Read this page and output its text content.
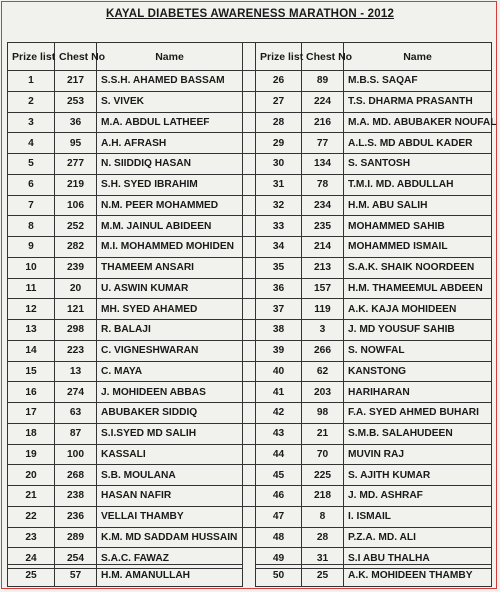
KAYAL DIABETES AWARENESS MARATHON - 2012
Prize list	Chest No	Name		Prize list	Chest No	Name
1	217	S.S.H. AHAMED BASSAM		26	89	M.B.S. SAQAF
2	253	S. VIVEK		27	224	T.S. DHARMA PRASANTH
3	36	M.A. ABDUL LATHEEF		28	216	M.A. MD. ABUBAKER NOUFAL
4	95	A.H. AFRASH		29	77	A.L.S. MD ABDUL KADER
5	277	N. SIIDDIQ HASAN		30	134	S. SANTOSH
6	219	S.H. SYED IBRAHIM		31	78	T.M.I. MD. ABDULLAH
7	106	N.M. PEER MOHAMMED		32	234	H.M. ABU SALIH
8	252	M.M. JAINUL ABIDEEN		33	235	MOHAMMED SAHIB
9	282	M.I. MOHAMMED MOHIDEN		34	214	MOHAMMED ISMAIL
10	239	THAMEEM ANSARI		35	213	S.A.K. SHAIK NOORDEEN
11	20	U. ASWIN KUMAR		36	157	H.M. THAMEEMUL ABDEEN
12	121	MH. SYED AHAMED		37	119	A.K. KAJA MOHIDEEN
13	298	R. BALAJI		38	3	J. MD YOUSUF SAHIB
14	223	C. VIGNESHWARAN		39	266	S. NOWFAL
15	13	C. MAYA		40	62	KANSTONG
16	274	J. MOHIDEEN ABBAS		41	203	HARIHARAN
17	63	ABUBAKER SIDDIQ		42	98	F.A. SYED AHMED BUHARI
18	87	S.I.SYED MD SALIH		43	21	S.M.B. SALAHUDEEN
19	100	KASSALI		44	70	MUVIN RAJ
20	268	S.B. MOULANA		45	225	S. AJITH KUMAR
21	238	HASAN NAFIR		46	218	J. MD. ASHRAF
22	236	VELLAI THAMBY		47	8	I. ISMAIL
23	289	K.M. MD SADDAM HUSSAIN		48	28	P.Z.A. MD. ALI
24	254	S.A.C. FAWAZ		49	31	S.I ABU THALHA
25	57	H.M. AMANULLAH		50	25	A.K. MOHIDEEN THAMBY
